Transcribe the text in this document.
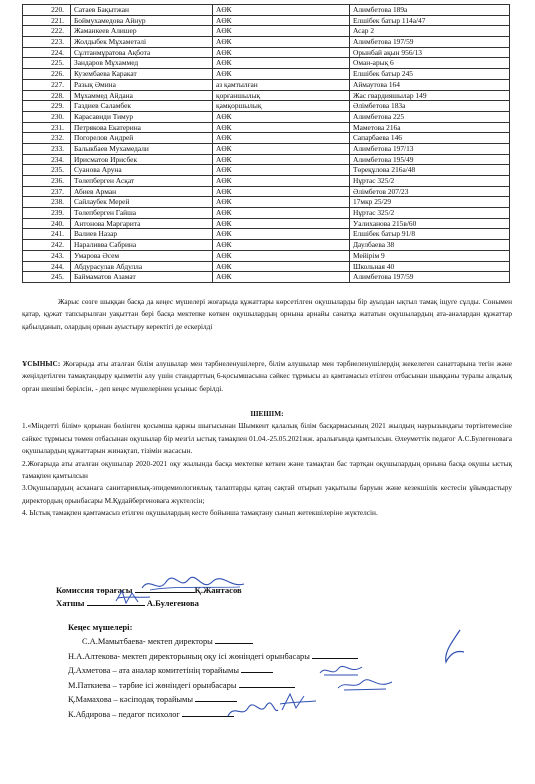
220.	Сатаев Бақытжан	АӨК	Алимбетова 189а
221.	Боймухамедова Айнур	АӨК	Елшібек батыр 114а/47
222.	Жаманкеев Алишер	АӨК	Асар 2
223.	Жолдыбек Мұхаметәлі	АӨК	Алимбетова 197/59
224.	Сұлтанмұратова Ақбота	АӨК	Орынбай ақын 956/13
225.	Зандаров Мұхаммед	АӨК	Оман-арық 6
226.	Кузембаева Каракат	АӨК	Елшібек батыр 245
227.	Разық Әмина	аз қамтылған	Аймаутова 164
228.	Мұхаммед Айдана	қорғаншылық	Жас гвардияшылар 149
229.	Газдиев Саламбек	қамқоршылық	Әлімбетова 183а
230.	Карасавиди Тимур	АӨК	Алимбетова 225
231.	Петрякова Екатерина	АӨК	Маметова 216а
232.	Погорелов Андрей	АӨК	Сапарбаева 146
233.	Балыкбаев Мухамедали	АӨК	Алимбетова 197/13
234.	Ирисматов Ирисбек	АӨК	Алимбетова 195/49
235.	Суанова Аруна	АӨК	Төреқұлова 216а/48
236.	Төлепберген Асқат	АӨК	Нұртас 325/2
237.	Абиев Арман	АӨК	Әлімбетов 207/23
238.	Сайлаубек Мерей	АӨК	17мкр 25/29
239.	Төлепберген Гайша	АӨК	Нұртас 325/2
240.	Антонова Маргарита	АӨК	Уалиханова 215в/60
241.	Валиев Назар	АӨК	Елшібек батыр 91/8
242.	Нараливва Сабрина	АӨК	Даулбаева 38
243.	Умарова Әсем	АӨК	Мейірім 9
244.	Абдурасулав Абдулла	АӨК	Школьная 40
245.	Баймаматов Азамат	АӨК	Алимбетова 197/59

Жарыс сөзге шыққан басқа да кеңес мүшелері жоғарыда құжаттары көрсетілген оқушыларды бір ауыздан ықтыл тамақ іщуге сұлды. Сонымен қатар, құжат тапсырылған уақыттан бері басқа мектепке көткен оқушылардың орнына арнайы санатқа жататын оқушылардың ата-аналардан құжаттар қабылданып, олардың орнын ауыстыру керектігі де ескерілді

ҰСЫНЫС: Жоғарыда аты аталған білім алушылар мен тәрбиеленушілерге, білім алушылар мен тәрбиеленушілердің жекелеген санаттарына тегін және жеңілдетілген тамақтандыру қызметін алу үшін стандарттың 6-қосымшасына сәйкес тұрмысы аз қамтамасыз етілген отбасынан шыққаны туралы алқалық орган шешімі берілсін, - деп кеңес мүшелерінен ұсыныс берілді.

ШЕШІМ:

1.«Міндетті білім» қорынан бөлінген қосымша қаржы шығысынан Шымкент қалалық білім басқармасының 2021 жылдың наурызындағы төртінтемесіне сәйкес тұрмысы төмен отбасынан оқушылар бір мезгіл ыстық тамақпен 01.04.-25.05.2021жж. аралығында қамтылсын. Әлеуметтік педагог А.С.Булегеновага оқушылардың құжаттарын жинақтап, тізімін жасасын.

2.Жоғарыда аты аталған оқушылар 2020-2021 оқу жылында басқа мектепке кеткен және тамақтан бас тартқан оқушылардың орнына басқа оқушы ыстық тамақпен қамтылсын

3.Оқушылардың асханага санитариялық-эпидемиологиялық талаптарды қатаң сақтай отырып уақытылы баруын және кезекшілік кестесін ұйымдастыру директордың орынбасары М.Құдайбергеноваға жүктелсін;

4. Ыстық тамақпен қамтамасыз етілген оқушылардың кесте бойынша тамақтану сынып жетекшілеріне жүктелсін.

Комиссия төрағасы	Қ.Жантасов
Хатшы	А.Булегенова
Кеңес мүшелері:
С.А.Мамытбаева- мектеп директоры
Н.А.Алтекова- мектеп директорының оқу ісі жөніндегі орынбасары
Д.Ахметова – ата аналар комитетінің төрайымы
М.Паткиева – тәрбие ісі жөніндегі орынбасары
Қ.Мамахова – кәсіподақ төрайымы
К.Абдирова – педагог психолог
